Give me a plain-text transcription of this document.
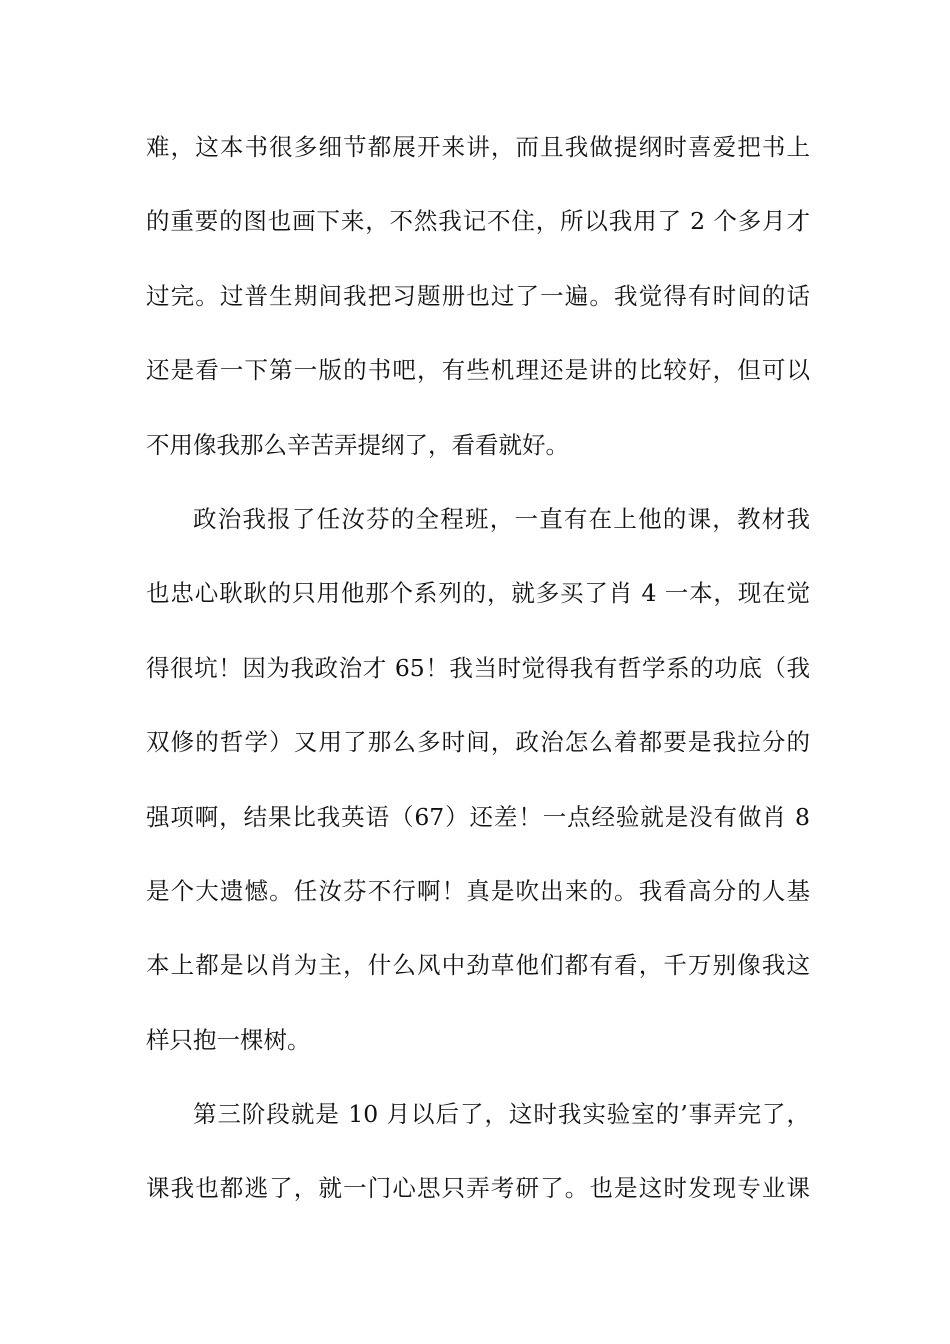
难，这本书很多细节都展开来讲，而且我做提纲时喜爱把书上
的重要的图也画下来，不然我记不住，所以我用了 2 个多月才
过完。过普生期间我把习题册也过了一遍。我觉得有时间的话
还是看一下第一版的书吧，有些机理还是讲的比较好，但可以
不用像我那么辛苦弄提纲了，看看就好。
政治我报了任汝芬的全程班，一直有在上他的课，教材我
也忠心耿耿的只用他那个系列的，就多买了肖 4 一本，现在觉
得很坑！因为我政治才 65！我当时觉得我有哲学系的功底（我
双修的哲学）又用了那么多时间，政治怎么着都要是我拉分的
强项啊，结果比我英语（67）还差！一点经验就是没有做肖 8
是个大遗憾。任汝芬不行啊！真是吹出来的。我看高分的人基
本上都是以肖为主，什么风中劲草他们都有看，千万别像我这
样只抱一棵树。
第三阶段就是 10 月以后了，这时我实验室的’事弄完了，
课我也都逃了，就一门心思只弄考研了。也是这时发现专业课
